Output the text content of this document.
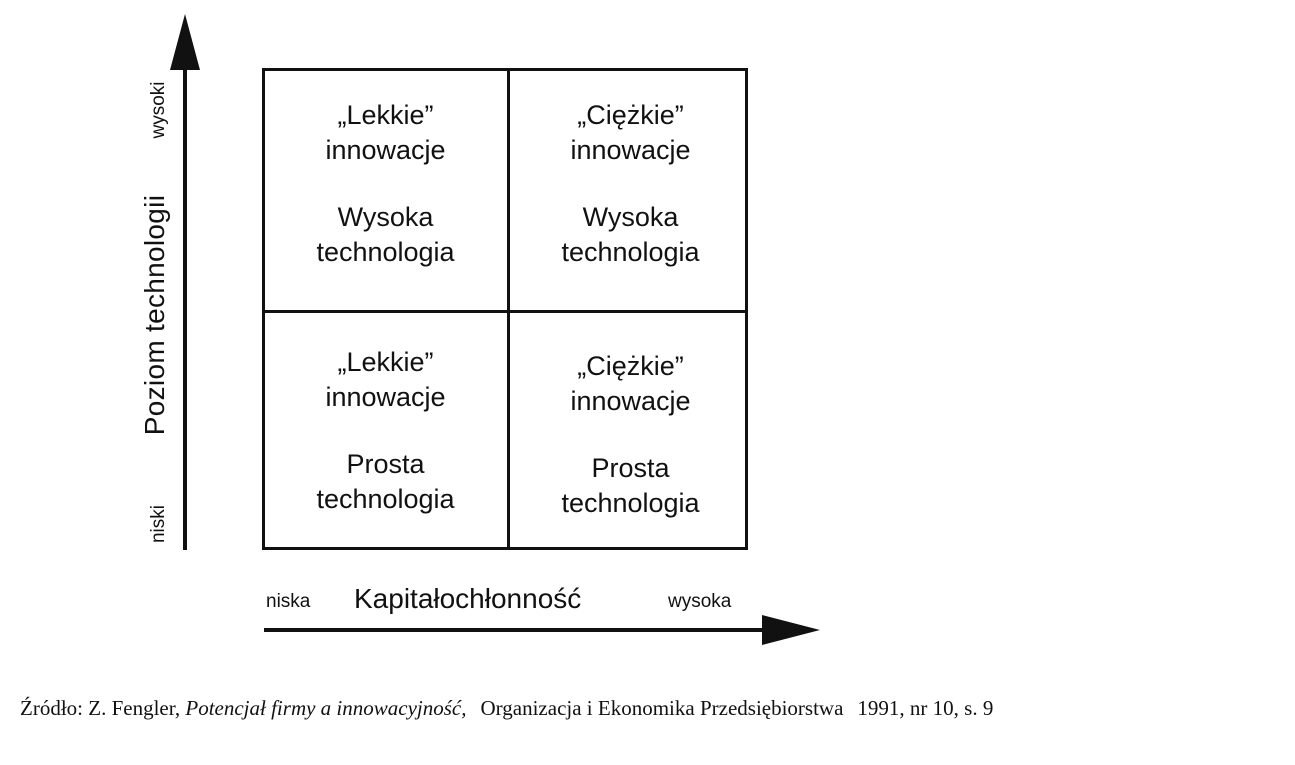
Poziom technologii
wysoki
niski
„Lekkie”
innowacje
Wysoka
technologia
„Ciężkie”
innowacje
Wysoka
technologia
„Lekkie”
innowacje
Prosta
technologia
„Ciężkie”
innowacje
Prosta
technologia
niska Kapitałochłonność	wysoka
Źródło: Z. Fengler, Potencjał firmy a innowacyjność, Organizacja i Ekonomika Przedsiębiorstwa 1991, nr 10, s. 9
